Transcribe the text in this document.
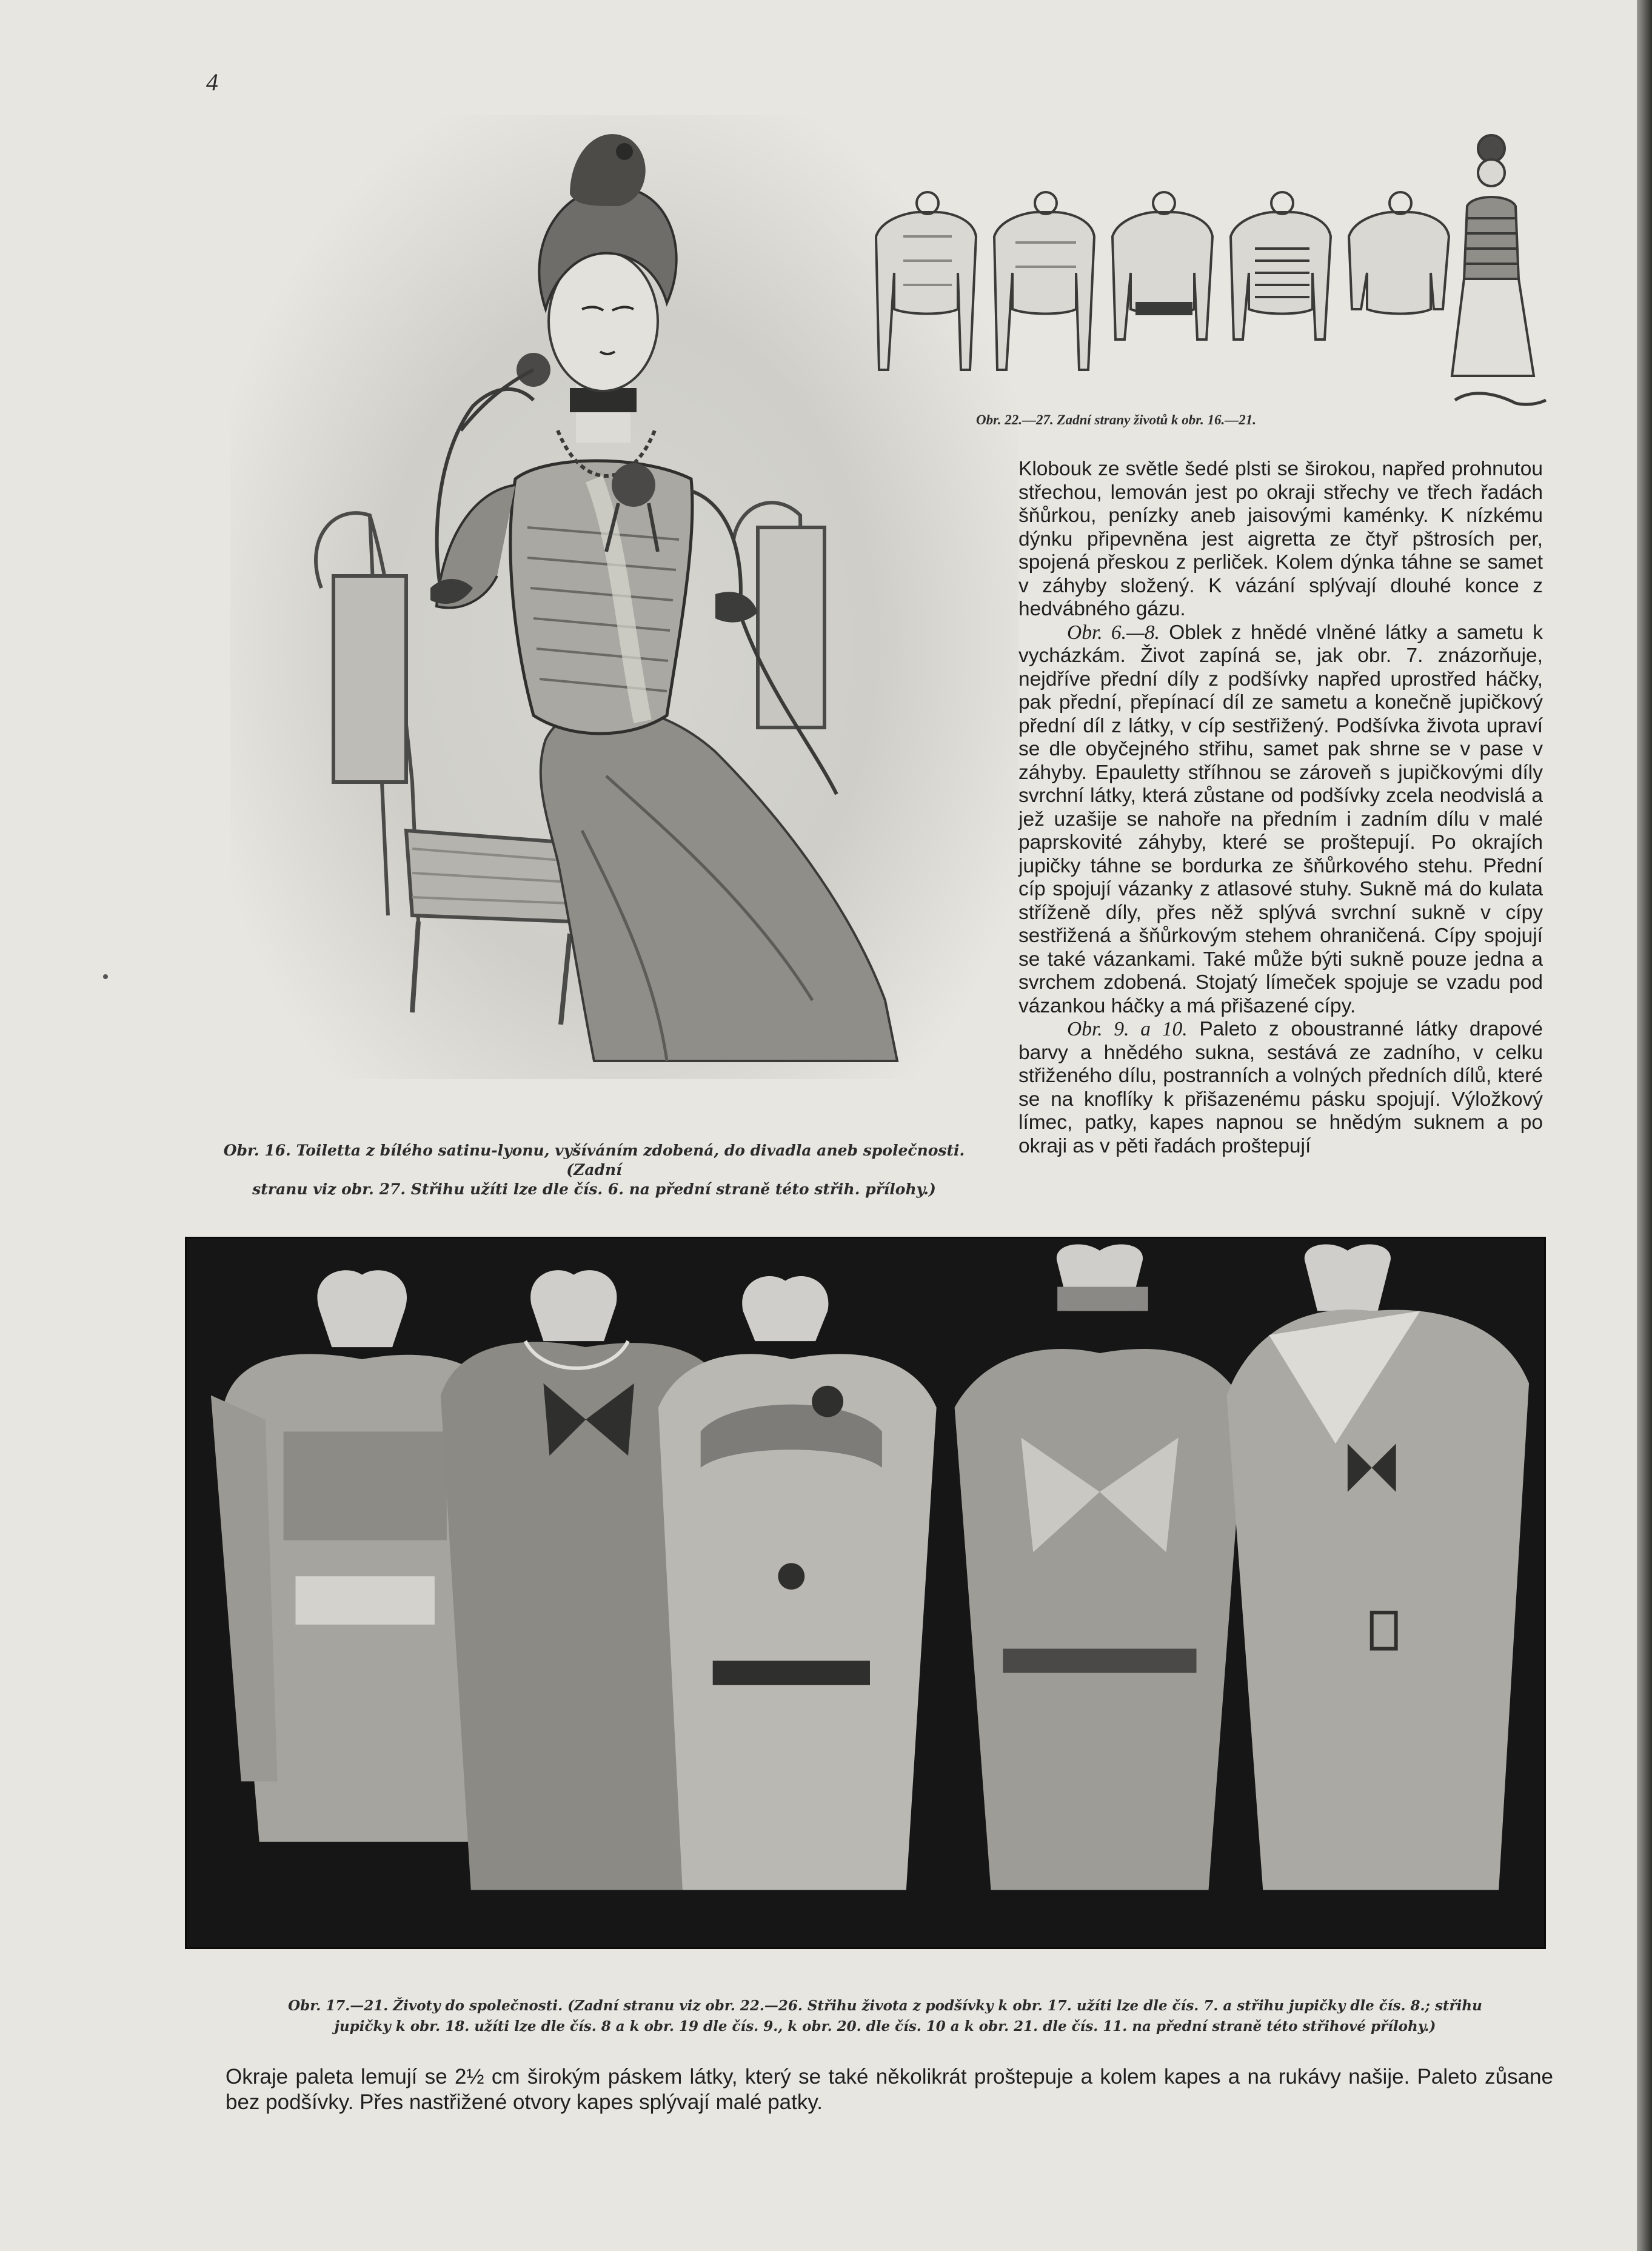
4
Obr. 16. Toiletta z bílého satinu-lyonu, vyšíváním zdobená, do divadla aneb společnosti. (Zadní
stranu viz obr. 27. Střihu užíti lze dle čís. 6. na přední straně této střih. přílohy.)
Obr. 22.—27. Zadní strany životů k obr. 16.—21.

Klobouk ze světle šedé plsti se širokou, napřed prohnutou střechou, lemován jest po okraji střechy ve třech řadách šňůrkou, penízky aneb jaisovými kaménky. K nízkému dýnku připevněna jest aigretta ze čtyř pštrosích per, spojená přeskou z perliček. Kolem dýnka táhne se samet v záhyby složený. K vázání splývají dlouhé konce z hedvábného gázu.

Obr. 6.—8. Oblek z hnědé vlněné látky a sametu k vycházkám. Život zapíná se, jak obr. 7. znázorňuje, nejdříve přední díly z podšívky napřed uprostřed háčky, pak přední, přepínací díl ze sametu a konečně jupičkový přední díl z látky, v cíp sestřižený. Podšívka života upraví se dle obyčejného střihu, samet pak shrne se v pase v záhyby. Epauletty stříhnou se zároveň s jupičkovými díly svrchní látky, která zůstane od podšívky zcela neodvislá a jež uzašije se nahoře na předním i zadním dílu v malé paprskovité záhyby, které se proštepují. Po okrajích jupičky táhne se bordurka ze šňůrkového stehu. Přední cíp spojují vázanky z atlasové stuhy. Sukně má do kulata stříženě díly, přes něž splývá svrchní sukně v cípy sestřižená a šňůrkovým stehem ohraničená. Cípy spojují se také vázankami. Také může býti sukně pouze jedna a svrchem zdobená. Stojatý límeček spojuje se vzadu pod vázankou háčky a má přišazené cípy.

Obr. 9. a 10. Paleto z oboustranné látky drapové barvy a hnědého sukna, sestává ze zadního, v celku střiženého dílu, postranních a volných předních dílů, které se na knoflíky k přišazenému pásku spojují. Výložkový límec, patky, kapes napnou se hnědým suknem a po okraji as v pěti řadách proštepují

Obr. 17.—21. Životy do společnosti. (Zadní stranu viz obr. 22.—26. Střihu života z podšívky k obr. 17. užíti lze dle čís. 7. a střihu jupičky dle čís. 8.; střihu
jupičky k obr. 18. užíti lze dle čís. 8 a k obr. 19 dle čís. 9., k obr. 20. dle čís. 10 a k obr. 21. dle čís. 11. na přední straně této střihové přílohy.)
Okraje paleta lemují se 2½ cm širokým páskem látky, který se také několikrát proštepuje a kolem kapes a na rukávy našije. Paleto zůsane bez podšívky. Přes nastřižené otvory kapes splývají malé patky.
